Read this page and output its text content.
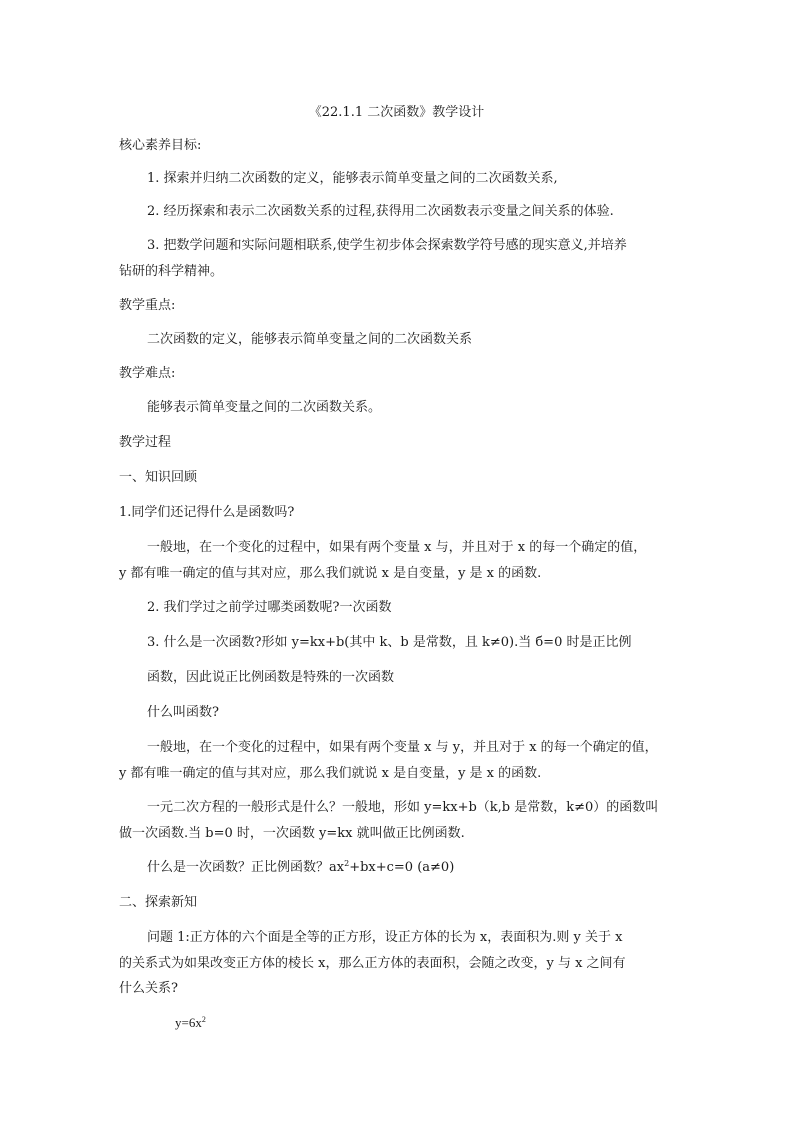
《22.1.1 二次函数》教学设计
核心素养目标:
1. 探索并归纳二次函数的定义，能够表示简单变量之间的二次函数关系,
2. 经历探索和表示二次函数关系的过程,获得用二次函数表示变量之间关系的体验.
3. 把数学问题和实际问题相联系,使学生初步体会探索数学符号感的现实意义,并培养
钻研的科学精神。
教学重点:
二次函数的定义，能够表示简单变量之间的二次函数关系
教学难点:
能够表示简单变量之间的二次函数关系。
教学过程
一、知识回顾
1.同学们还记得什么是函数吗?
一般地，在一个变化的过程中，如果有两个变量 x 与，并且对于 x 的每一个确定的值，
y 都有唯一确定的值与其对应，那么我们就说 x 是自变量，y 是 x 的函数.
2. 我们学过之前学过哪类函数呢?一次函数
3. 什么是一次函数?形如 y=kx+b(其中 k、b 是常数，且 k≠0).当 б=0 时是正比例
函数，因此说正比例函数是特殊的一次函数
什么叫函数?
一般地，在一个变化的过程中，如果有两个变量 x 与 y，并且对于 x 的每一个确定的值，
y 都有唯一确定的值与其对应，那么我们就说 x 是自变量，y 是 x 的函数.
一元二次方程的一般形式是什么？一般地，形如 y=kx+b（k,b 是常数，k≠0）的函数叫
做一次函数.当 b=0 时，一次函数 y=kx 就叫做正比例函数.
什么是一次函数？正比例函数？$ax^2+bx+c=0$ (a≠0)
二、探索新知
问题 1:正方体的六个面是全等的正方形，设正方体的长为 x，表面积为.则 y 关于 x
的关系式为如果改变正方体的棱长 x，那么正方体的表面积，会随之改变，y 与 x 之间有
什么关系?
$y=6x^2$
